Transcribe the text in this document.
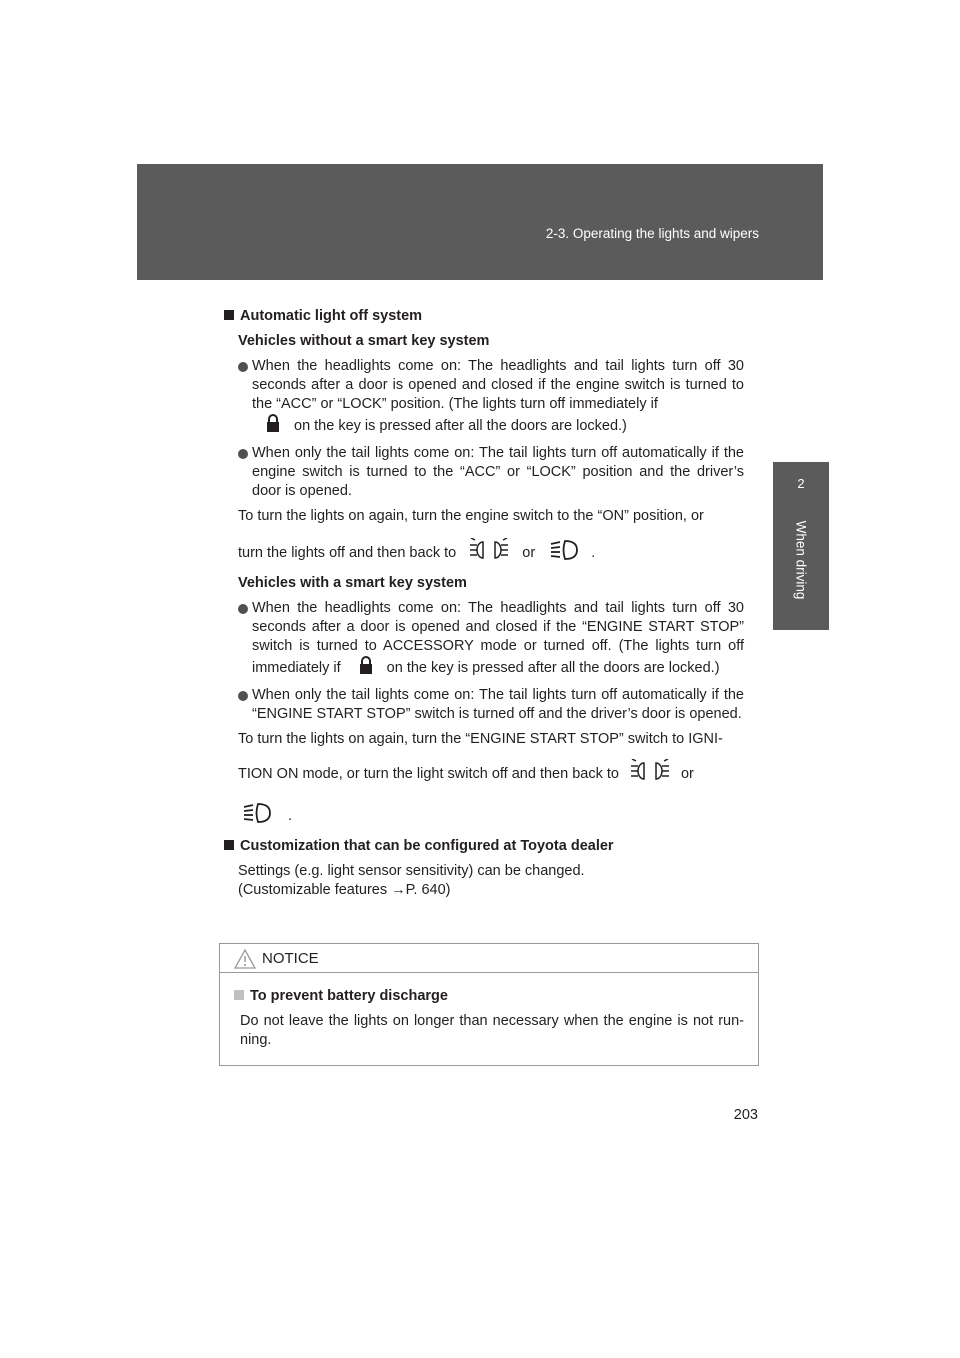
2-3. Operating the lights and wipers
2
When driving
Automatic light off system
Vehicles without a smart key system
When the headlights come on: The headlights and tail lights turn off 30 seconds after a door is opened and closed if the engine switch is turned to the “ACC” or “LOCK” position. (The lights turn off immediately if
on the key is pressed after all the doors are locked.)
When only the tail lights come on: The tail lights turn off automatically if the engine switch is turned to the “ACC” or “LOCK” position and the driver’s door is opened.
To turn the lights on again, turn the engine switch to the “ON” position, or
turn the lights off and then back to	or	.
Vehicles with a smart key system
When the headlights come on: The headlights and tail lights turn off 30 seconds after a door is opened and closed if the “ENGINE START STOP” switch is turned to ACCESSORY mode or turned off. (The lights turn off immediately if	on the key is pressed after all the doors are locked.)
When only the tail lights come on: The tail lights turn off automatically if the “ENGINE START STOP” switch is turned off and the driver’s door is opened.
To turn the lights on again, turn the “ENGINE START STOP” switch to IGNI-
TION ON mode, or turn the light switch off and then back to	or
.
Customization that can be configured at Toyota dealer
Settings (e.g. light sensor sensitivity) can be changed.
(Customizable features →P. 640)
NOTICE
To prevent battery discharge
Do not leave the lights on longer than necessary when the engine is not run-ning.
203
